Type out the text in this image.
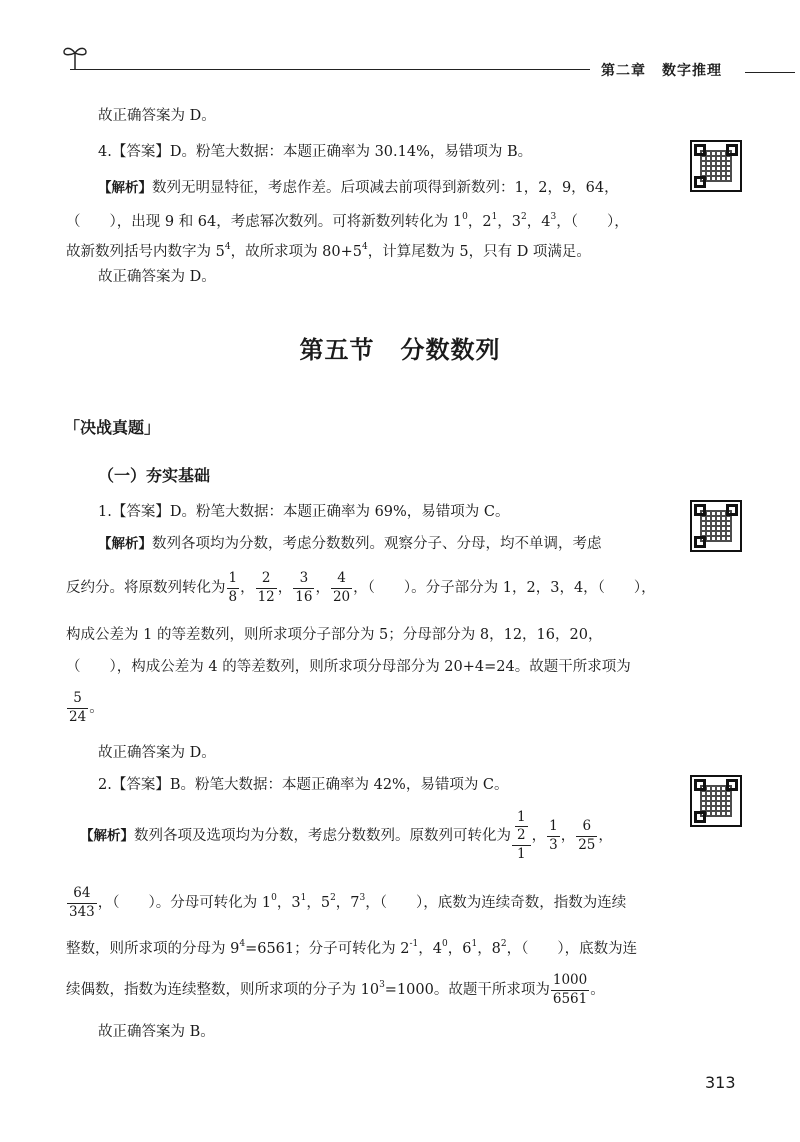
第二章 数字推理
故正确答案为 D。
4.【答案】D。粉笔大数据：本题正确率为 30.14%，易错项为 B。
【解析】数列无明显特征，考虑作差。后项减去前项得到新数列：1，2，9，64，
（　　），出现 9 和 64，考虑幂次数列。可将新数列转化为 $1^0$，$2^1$，$3^2$，$4^3$，（　　），
故新数列括号内数字为 $5^4$，故所求项为 $80+5^4$，计算尾数为 5，只有 D 项满足。
故正确答案为 D。
第五节 分数数列
「决战真题」
（一）夯实基础
1.【答案】D。粉笔大数据：本题正确率为 69%，易错项为 C。
【解析】数列各项均为分数，考虑分数数列。观察分子、分母，均不单调，考虑
反约分。将原数列转化为 $\frac{1}{8}$ ， $\frac{2}{12}$ ， $\frac{3}{16}$ ， $\frac{4}{20}$ ，（　　）。分子部分为 1，2，3，4，（　　），
构成公差为 1 的等差数列，则所求项分子部分为 5；分母部分为 8，12，16，20，
（　　），构成公差为 4 的等差数列，则所求项分母部分为 20+4=24。故题干所求项为
$\frac{5}{24}$ 。
故正确答案为 D。
2.【答案】B。粉笔大数据：本题正确率为 42%，易错项为 C。
【解析】数列各项及选项均为分数，考虑分数数列。原数列可转化为 $\frac{\frac{1}{2}}{1}$ ， $\frac{1}{3}$ ， $\frac{6}{25}$ ，
$\frac{64}{343}$ ，（　　）。分母可转化为 $1^0$，$3^1$，$5^2$，$7^3$，（　　），底数为连续奇数，指数为连续
整数，则所求项的分母为 $9^4=6561$；分子可转化为 $2^{-1}$，$4^0$，$6^1$，$8^2$，（　　），底数为连
续偶数，指数为连续整数，则所求项的分子为 $10^3=1000$。故题干所求项为 $\frac{1000}{6561}$ 。
故正确答案为 B。
313
